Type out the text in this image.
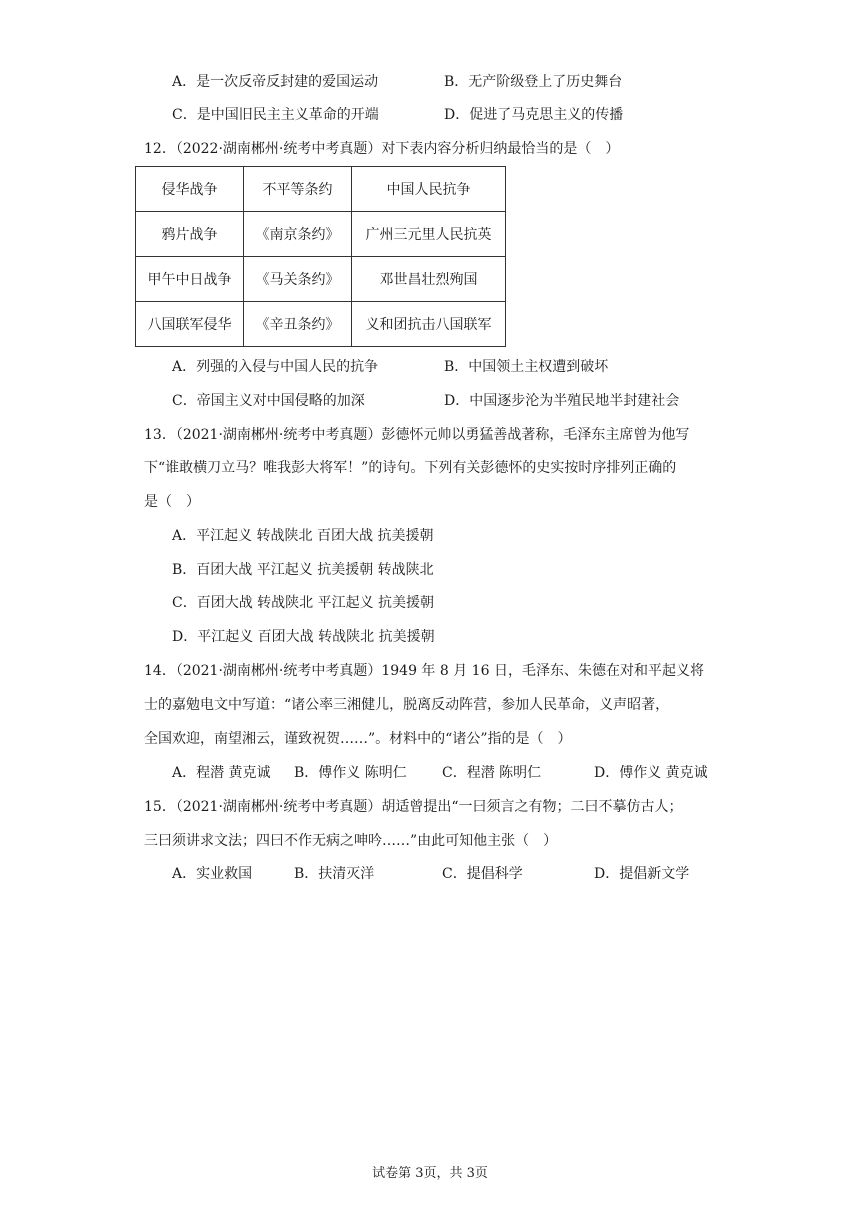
A．是一次反帝反封建的爱国运动	B．无产阶级登上了历史舞台
C．是中国旧民主主义革命的开端	D．促进了马克思主义的传播
12．（2022·湖南郴州·统考中考真题）对下表内容分析归纳最恰当的是（　）
侵华战争	不平等条约	中国人民抗争
鸦片战争	《南京条约》	广州三元里人民抗英
甲午中日战争	《马关条约》	邓世昌壮烈殉国
八国联军侵华	《辛丑条约》	义和团抗击八国联军
A．列强的入侵与中国人民的抗争	B．中国领土主权遭到破坏
C．帝国主义对中国侵略的加深	D．中国逐步沦为半殖民地半封建社会
13．（2021·湖南郴州·统考中考真题）彭德怀元帅以勇猛善战著称，毛泽东主席曾为他写
下“谁敢横刀立马？唯我彭大将军！”的诗句。下列有关彭德怀的史实按时序排列正确的
是（　）
A．平江起义 转战陕北 百团大战 抗美援朝
B．百团大战 平江起义 抗美援朝 转战陕北
C．百团大战 转战陕北 平江起义 抗美援朝
D．平江起义 百团大战 转战陕北 抗美援朝
14．（2021·湖南郴州·统考中考真题）1949 年 8 月 16 日，毛泽东、朱德在对和平起义将
士的嘉勉电文中写道：“诸公率三湘健儿，脱离反动阵营，参加人民革命，义声昭著，
全国欢迎，南望湘云，谨致祝贺……”。材料中的“诸公”指的是（　）
A．程潜 黄克诚 B．傅作义 陈明仁	C．程潜 陈明仁	D．傅作义 黄克诚
15．（2021·湖南郴州·统考中考真题）胡适曾提出“一曰须言之有物；二曰不摹仿古人；
三曰须讲求文法；四曰不作无病之呻吟……”由此可知他主张（　）
A．实业救国	B．扶清灭洋	C．提倡科学	D．提倡新文学
试卷第 3页，共 3页
